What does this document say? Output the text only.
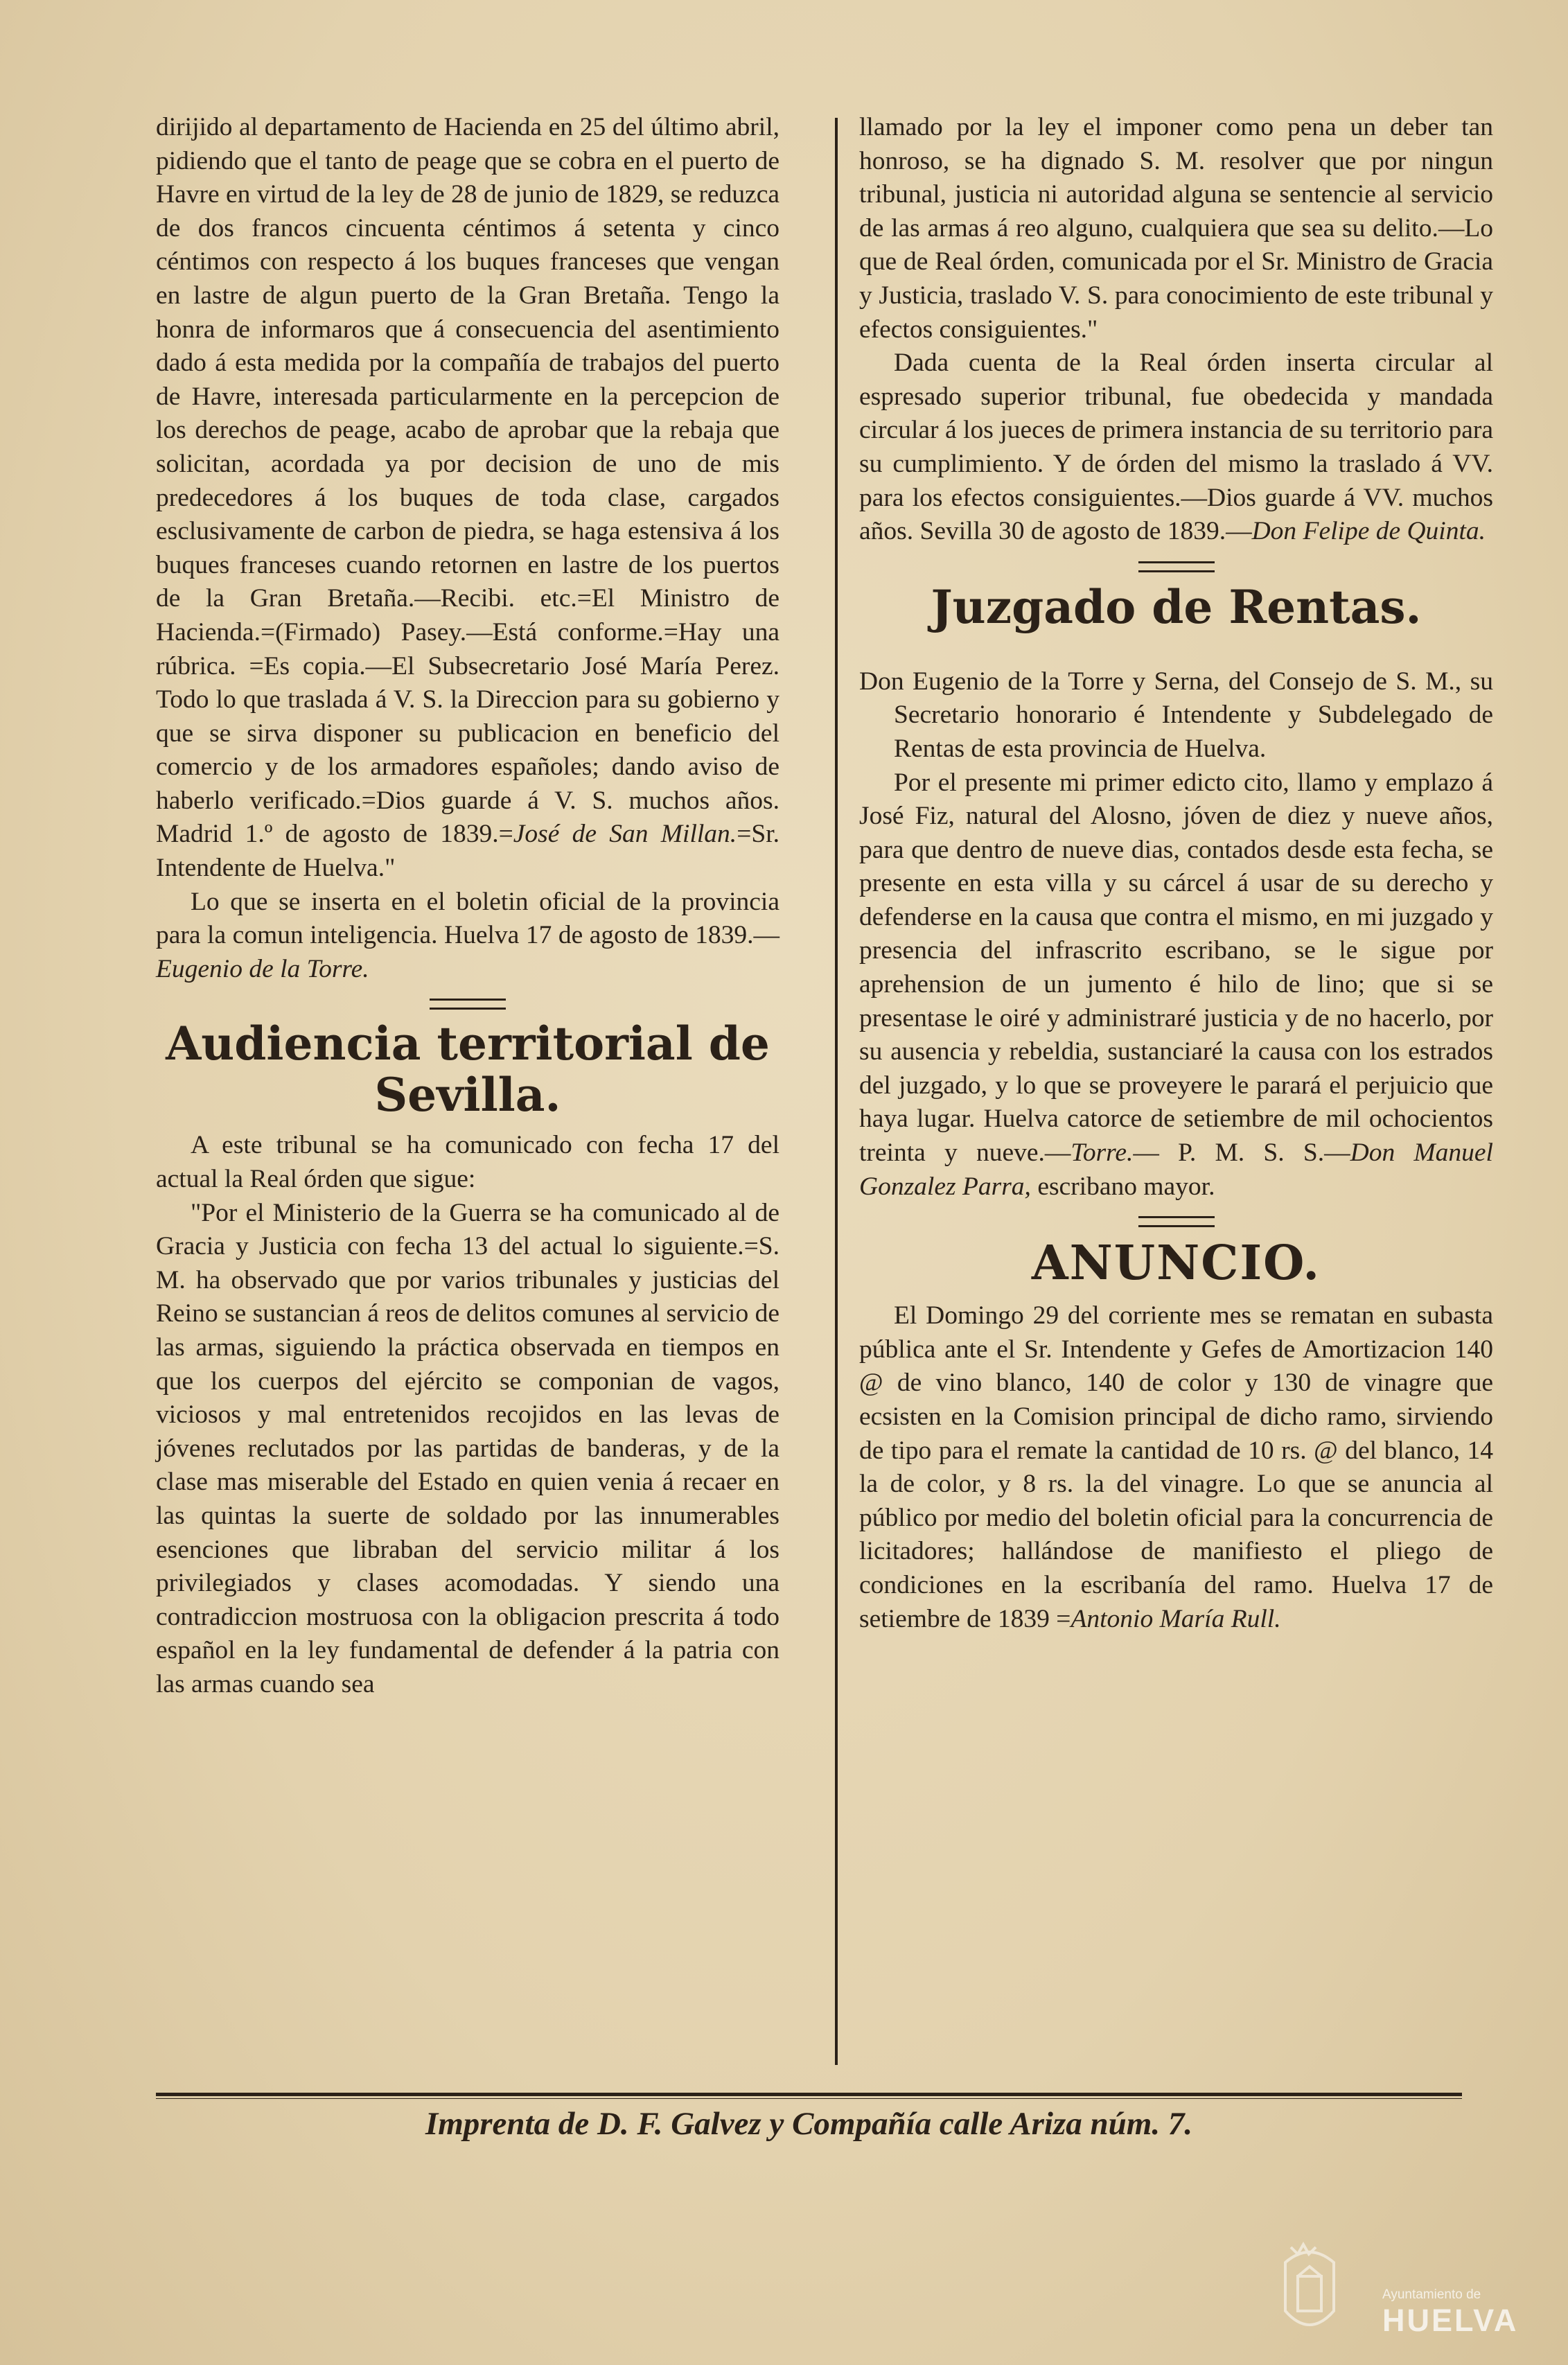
dirijido al departamento de Hacienda en 25 del último abril, pidiendo que el tanto de peage que se cobra en el puerto de Havre en virtud de la ley de 28 de junio de 1829, se reduzca de dos francos cincuenta céntimos á setenta y cinco céntimos con respecto á los buques franceses que vengan en lastre de algun puerto de la Gran Bretaña. Tengo la honra de informaros que á consecuencia del asentimiento dado á esta medida por la compañía de trabajos del puerto de Havre, interesada particularmente en la percepcion de los derechos de peage, acabo de aprobar que la rebaja que solicitan, acordada ya por decision de uno de mis predecedores á los buques de toda clase, cargados esclusivamente de carbon de piedra, se haga estensiva á los buques franceses cuando retornen en lastre de los puertos de la Gran Bretaña.—Recibi. etc.=El Ministro de Hacienda.=(Firmado) Pasey.—Está conforme.=Hay una rúbrica. =Es copia.—El Subsecretario José María Perez. Todo lo que traslada á V. S. la Direccion para su gobierno y que se sirva disponer su publicacion en beneficio del comercio y de los armadores españoles; dando aviso de haberlo verificado.=Dios guarde á V. S. muchos años. Madrid 1.º de agosto de 1839.=José de San Millan.=Sr. Intendente de Huelva."

Lo que se inserta en el boletin oficial de la provincia para la comun inteligencia. Huelva 17 de agosto de 1839.—Eugenio de la Torre.

Audiencia territorial de Sevilla.

A este tribunal se ha comunicado con fecha 17 del actual la Real órden que sigue:

"Por el Ministerio de la Guerra se ha comunicado al de Gracia y Justicia con fecha 13 del actual lo siguiente.=S. M. ha observado que por varios tribunales y justicias del Reino se sustancian á reos de delitos comunes al servicio de las armas, siguiendo la práctica observada en tiempos en que los cuerpos del ejército se componian de vagos, viciosos y mal entretenidos recojidos en las levas de jóvenes reclutados por las partidas de banderas, y de la clase mas miserable del Estado en quien venia á recaer en las quintas la suerte de soldado por las innumerables esenciones que libraban del servicio militar á los privilegiados y clases acomodadas. Y siendo una contradiccion mostruosa con la obligacion prescrita á todo español en la ley fundamental de defender á la patria con las armas cuando sea

llamado por la ley el imponer como pena un deber tan honroso, se ha dignado S. M. resolver que por ningun tribunal, justicia ni autoridad alguna se sentencie al servicio de las armas á reo alguno, cualquiera que sea su delito.—Lo que de Real órden, comunicada por el Sr. Ministro de Gracia y Justicia, traslado V. S. para conocimiento de este tribunal y efectos consiguientes."

Dada cuenta de la Real órden inserta circular al espresado superior tribunal, fue obedecida y mandada circular á los jueces de primera instancia de su territorio para su cumplimiento. Y de órden del mismo la traslado á VV. para los efectos consiguientes.—Dios guarde á VV. muchos años. Sevilla 30 de agosto de 1839.—Don Felipe de Quinta.

Juzgado de Rentas.

Don Eugenio de la Torre y Serna, del Consejo de S. M., su Secretario honorario é Intendente y Subdelegado de Rentas de esta provincia de Huelva.

Por el presente mi primer edicto cito, llamo y emplazo á José Fiz, natural del Alosno, jóven de diez y nueve años, para que dentro de nueve dias, contados desde esta fecha, se presente en esta villa y su cárcel á usar de su derecho y defenderse en la causa que contra el mismo, en mi juzgado y presencia del infrascrito escribano, se le sigue por aprehension de un jumento é hilo de lino; que si se presentase le oiré y administraré justicia y de no hacerlo, por su ausencia y rebeldia, sustanciaré la causa con los estrados del juzgado, y lo que se proveyere le parará el perjuicio que haya lugar. Huelva catorce de setiembre de mil ochocientos treinta y nueve.—Torre.— P. M. S. S.—Don Manuel Gonzalez Parra, escribano mayor.

ANUNCIO.

El Domingo 29 del corriente mes se rematan en subasta pública ante el Sr. Intendente y Gefes de Amortizacion 140 @ de vino blanco, 140 de color y 130 de vinagre que ecsisten en la Comision principal de dicho ramo, sirviendo de tipo para el remate la cantidad de 10 rs. @ del blanco, 14 la de color, y 8 rs. la del vinagre. Lo que se anuncia al público por medio del boletin oficial para la concurrencia de licitadores; hallándose de manifiesto el pliego de condiciones en la escribanía del ramo. Huelva 17 de setiembre de 1839 =Antonio María Rull.

Imprenta de D. F. Galvez y Compañía calle Ariza núm. 7.
Ayuntamiento de
HUELVA
